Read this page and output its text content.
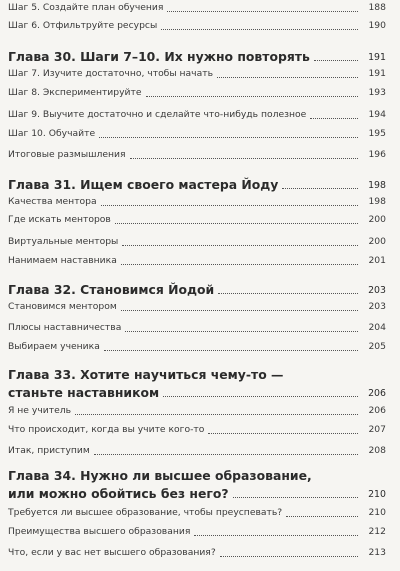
Шаг 5. Создайте план обучения	188
Шаг 6. Отфильтруйте ресурсы	190
Глава 30. Шаги 7–10. Их нужно повторять	191
Шаг 7. Изучите достаточно, чтобы начать	191
Шаг 8. Экспериментируйте	193
Шаг 9. Выучите достаточно и сделайте что-нибудь полезное	194
Шаг 10. Обучайте	195
Итоговые размышления	196
Глава 31. Ищем своего мастера Йоду	198
Качества ментора	198
Где искать менторов	200
Виртуальные менторы	200
Нанимаем наставника	201
Глава 32. Становимся Йодой	203
Становимся ментором	203
Плюсы наставничества	204
Выбираем ученика	205
Глава 33. Хотите научиться чему-то —
станьте наставником	206
Я не учитель	206
Что происходит, когда вы учите кого-то	207
Итак, приступим	208
Глава 34. Нужно ли высшее образование,
или можно обойтись без него?	210
Требуется ли высшее образование, чтобы преуспевать?	210
Преимущества высшего образования	212
Что, если у вас нет высшего образования?	213
